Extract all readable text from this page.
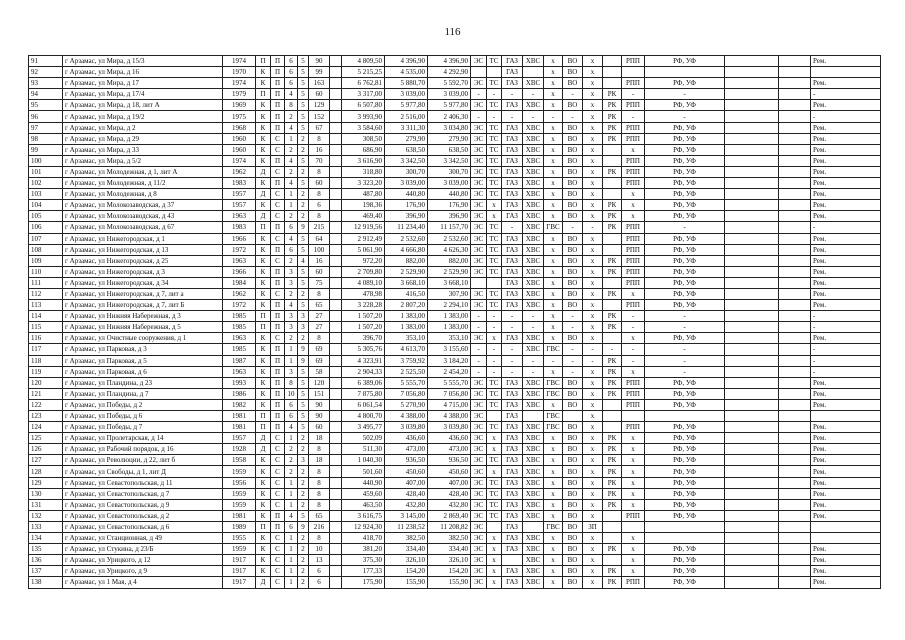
116
91	г Арзамас, ул Мира, д 15/3	1974	П	П	6	5	90		4 809,50	4 396,90	4 396,90	ЭС	ТС	ГАЗ	ХВС	х	ВО	х		РПП	РФ, УФ			Рем.
92	г Арзамас, ул Мира, д 16	1970	К	П	6	5	99		5 215,25	4 535,00	4 292,90			ГАЗ		х	ВО	х						
93	г Арзамас, ул Мира, д 17	1974	К	П	6	5	163		6 762,81	5 880,70	5 592,70	ЭС	ТС	ГАЗ	ХВС	х	ВО	х		РПП	РФ, УФ			Рем.
94	г Арзамас, ул Мира, д 17/4	1979	П	П	4	5	60		3 317,00	3 039,00	3 039,00	-	-	-	-	х	-	х	РК	-	-			-
95	г Арзамас, ул Мира, д 18, лит А	1969	К	П	8	5	129		6 507,80	5 977,80	5 977,80	ЭС	ТС	ГАЗ	ХВС	х	ВО	х	РК	РПП	РФ, УФ			Рем.
96	г Арзамас, ул Мира, д 19/2	1975	К	П	2	5	152		3 993,90	2 516,00	2 406,30	-	-	-	-	-	-	х	РК	-	-			-
97	г Арзамас, ул Мира, д 2	1968	К	П	4	5	67		3 584,60	3 311,30	3 034,80	ЭС	ТС	ГАЗ	ХВС	х	ВО	х	РК	РПП	РФ, УФ			Рем.
98	г Арзамас, ул Мира, д 29	1960	К	С	1	2	8		308,50	279,90	279,90	ЭС	ТС	ГАЗ	ХВС	х	ВО	х	РК	РПП	РФ, УФ			Рем.
99	г Арзамас, ул Мира, д 33	1960	К	С	2	2	16		686,90	638,50	638,50	ЭС	ТС	ГАЗ	ХВС	х	ВО	х		х	РФ, УФ			Рем.
100	г Арзамас, ул Мира, д 5/2	1974	К	П	4	5	70		3 616,90	3 342,50	3 342,50	ЭС	ТС	ГАЗ	ХВС	х	ВО	х		РПП	РФ, УФ			Рем.
101	г Арзамас, ул Молодежная, д 1, лит А	1962	Д	С	2	2	8		318,80	300,70	300,70	ЭС	ТС	ГАЗ	ХВС	х	ВО	х	РК	РПП	РФ, УФ			Рем.
102	г Арзамас, ул Молодежная, д 11/2	1983	К	П	4	5	60		3 323,20	3 039,00	3 039,00	ЭС	ТС	ГАЗ	ХВС	х	ВО	х		РПП	РФ, УФ			Рем.
103	г Арзамас, ул Молодежная, д 8	1957	Д	С	1	2	8		487,80	440,80	440,80	ЭС	ТС	ГАЗ	ХВС	х	ВО	х		х	РФ, УФ			Рем.
104	г Арзамас, ул Молокозаводская, д 37	1957	К	С	1	2	6		198,36	176,90	176,90	ЭС	х	ГАЗ	ХВС	х	ВО	х	РК	х	РФ, УФ			Рем.
105	г Арзамас, ул Молокозаводская, д 43	1963	Д	С	2	2	8		469,40	396,90	396,90	ЭС	х	ГАЗ	ХВС	х	ВО	х	РК	х	РФ, УФ			Рем.
106	г Арзамас, ул Молокозаводская, д 67	1983	П	П	6	9	215		12 919,56	11 234,40	11 157,70	ЭС	ТС	-	ХВС	ГВС	-	-	РК	РПП	-			-
107	г Арзамас, ул Нижегородская, д 1	1966	К	С	4	5	64		2 912,49	2 532,60	2 532,60	ЭС	ТС	ГАЗ	ХВС	х	ВО	х		РПП	РФ, УФ			Рем.
108	г Арзамас, ул Нижегородская, д 13	1972	К	П	6	5	100		5 061,90	4 666,80	4 626,30	ЭС	ТС	ГАЗ	ХВС	х	ВО	х		РПП	РФ, УФ			Рем.
109	г Арзамас, ул Нижегородская, д 25	1963	К	С	2	4	16		972,20	882,00	882,00	ЭС	ТС	ГАЗ	ХВС	х	ВО	х	РК	РПП	РФ, УФ			Рем.
110	г Арзамас, ул Нижегородская, д 3	1966	К	П	3	5	60		2 709,80	2 529,90	2 529,90	ЭС	ТС	ГАЗ	ХВС	х	ВО	х	РК	РПП	РФ, УФ			Рем.
111	г Арзамас, ул Нижегородская, д 34	1984	К	П	3	5	75		4 089,10	3 668,10	3 668,10			ГАЗ	ХВС	х	ВО	х		РПП	РФ, УФ			Рем.
112	г Арзамас, ул Нижегородская, д 7, лит а	1962	К	С	2	2	8		478,98	416,50	307,90	ЭС	ТС	ГАЗ	ХВС	х	ВО	х	РК	х	РФ, УФ			Рем.
113	г Арзамас, ул Нижегородская, д 7, лит Б	1972	К	П	4	5	65		3 228,28	2 807,20	2 294,10	ЭС	ТС	ГАЗ	ХВС	х	ВО	х		РПП	РФ, УФ			Рем.
114	г Арзамас, ул Нижняя Набережная, д 3	1985	П	П	3	3	27		1 507,20	1 383,00	1 383,00	-	-	-	-	х	-	х	РК	-	-			-
115	г Арзамас, ул Нижняя Набережная, д 5	1985	П	П	3	3	27		1 507,20	1 383,00	1 383,00	-	-	-	-	х	-	х	РК	-	-			-
116	г Арзамас, ул Очистные сооружения, д 1	1963	К	С	2	2	8		396,70	353,10	353,10	ЭС	х	ГАЗ	ХВС	х	ВО	х		х	РФ, УФ			Рем.
117	г Арзамас, ул Парковая, д 3	1985	К	П	1	9	69		5 305,76	4 613,70	3 155,60	-	-	-	ХВС	ГВС	-	-	-	-	-			-
118	г Арзамас, ул Парковая, д 5	1987	К	П	1	9	69		4 323,91	3 759,92	3 184,20	-	-	-	-	-	-	-	РК	-	-			-
119	г Арзамас, ул Парковая, д 6	1963	К	П	3	5	58		2 904,33	2 525,50	2 454,20	-	-	-	-	х	-	х	РК	х	-			-
120	г Арзамас, ул Пландина, д 23	1993	К	П	8	5	120		6 389,06	5 555,70	5 555,70	ЭС	ТС	ГАЗ	ХВС	ГВС	ВО	х	РК	РПП	РФ, УФ			Рем.
121	г Арзамас, ул Пландина, д 7	1986	К	П	10	5	151		7 875,80	7 056,80	7 056,80	ЭС	ТС	ГАЗ	ХВС	ГВС	ВО	х	РК	РПП	РФ, УФ			Рем.
122	г Арзамас, ул Победы, д 2	1982	К	П	6	5	90		6 061,54	5 270,90	4 715,00	ЭС	ТС	ГАЗ	ХВС	х	ВО	х		РПП	РФ, УФ			Рем.
123	г Арзамас, ул Победы, д 6	1981	П	П	6	5	90		4 800,70	4 388,00	4 388,00	ЭС		ГАЗ		ГВС		х						
124	г Арзамас, ул Победы, д 7	1981	П	П	4	5	60		3 495,77	3 039,80	3 039,80	ЭС	ТС	ГАЗ	ХВС	ГВС	ВО	х		РПП	РФ, УФ			Рем.
125	г Арзамас, ул Пролетарская, д 14	1957	Д	С	1	2	18		502,09	436,60	436,60	ЭС	х	ГАЗ	ХВС	х	ВО	х	РК	х	РФ, УФ			Рем.
126	г Арзамас, ул Рабочий порядок, д 16	1928	Д	С	2	2	8		511,30	473,00	473,00	ЭС	х	ГАЗ	ХВС	х	ВО	х	РК	х	РФ, УФ			Рем.
127	г Арзамас, ул Революции, д 22, лит б	1958	К	С	2	3	18		1 040,30	936,50	936,50	ЭС	ТС	ГАЗ	ХВС	х	ВО	х	РК	х	РФ, УФ			Рем.
128	г Арзамас, ул Свободы, д 1, лит Д	1959	К	С	2	2	8		501,60	450,60	450,60	ЭС	х	ГАЗ	ХВС	х	ВО	х	РК	х	РФ, УФ			Рем.
129	г Арзамас, ул Севастопольская, д 11	1956	К	С	1	2	8		440,90	407,00	407,00	ЭС	ТС	ГАЗ	ХВС	х	ВО	х	РК	х	РФ, УФ			Рем.
130	г Арзамас, ул Севастопольская, д 7	1959	К	С	1	2	8		459,60	428,40	428,40	ЭС	ТС	ГАЗ	ХВС	х	ВО	х	РК	х	РФ, УФ			Рем.
131	г Арзамас, ул Севастопольская, д 9	1959	К	С	1	2	8		463,50	432,80	432,80	ЭС	ТС	ГАЗ	ХВС	х	ВО	х	РК	х	РФ, УФ			Рем.
132	г Арзамас, ул Севастопольская, д 2	1981	К	П	4	5	65		3 616,75	3 145,00	2 869,40	ЭС	ТС	ГАЗ	ХВС	х	ВО	х		РПП	РФ, УФ			Рем.
133	г Арзамас, ул Севастопольская, д 6	1989	П	П	6	9	216		12 924,30	11 238,52	11 208,82	ЭС		ГАЗ		ГВС	ВО	ЗП						
134	г Арзамас, ул Станционная, д 49	1955	К	С	1	2	8		418,70	382,50	382,50	ЭС	х	ГАЗ	ХВС	х	ВО	х		х				
135	г Арзамас, ул Стукина, д 23/Б	1959	К	С	1	2	10		381,20	334,40	334,40	ЭС	х	ГАЗ	ХВС	х	ВО	х	РК	х	РФ, УФ			Рем.
136	г Арзамас, ул Урицкого, д 12	1917	К	С	1	2	13		375,30	326,10	326,10	ЭС	х		ХВС	х	ВО	х		х	РФ, УФ			Рем.
137	г Арзамас, ул Урицкого, д 9	1917	К	С	1	2	6		177,33	154,20	154,20	ЭС	х	ГАЗ	ХВС	х	ВО	х	РК	х	РФ, УФ			Рем.
138	г Арзамас, ул 1 Мая, д 4	1917	Д	С	1	2	6		175,90	155,90	155,90	ЭС	х	ГАЗ	ХВС	х	ВО	х	РК	РПП	РФ, УФ			Рем.
